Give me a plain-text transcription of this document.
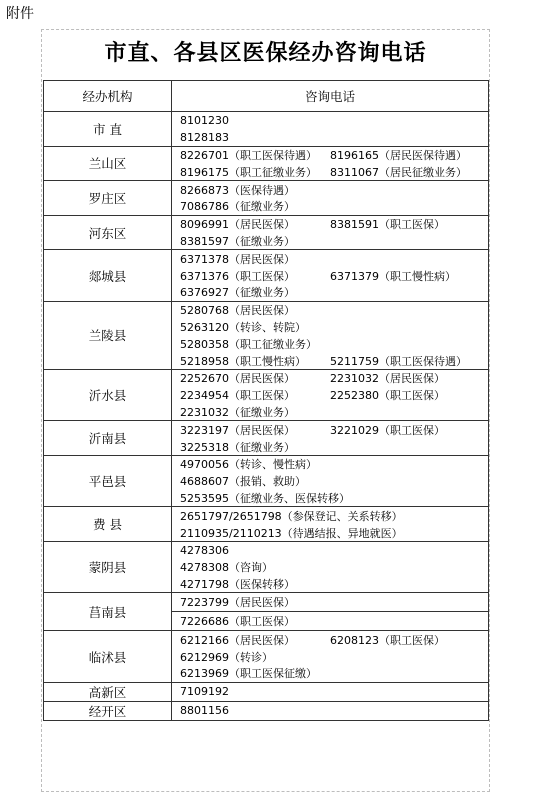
附件
市直、各县区医保经办咨询电话
经办机构	咨询电话
市 直	8101230
8128183

兰山区	8226701（职工医保待遇） 8196165（居民医保待遇）
8196175（职工征缴业务） 8311067（居民征缴业务）

罗庄区	8266873（医保待遇）
7086786（征缴业务）

河东区	8096991（居民医保） 8381591（职工医保）
8381597（征缴业务）

郯城县	6371378（居民医保）
6371376（职工医保） 6371379（职工慢性病）
6376927（征缴业务）

兰陵县	5280768（居民医保）
5263120（转诊、转院）
5280358（职工征缴业务）
5218958（职工慢性病） 5211759（职工医保待遇）

沂水县	2252670（居民医保） 2231032（居民医保）
2234954（职工医保） 2252380（职工医保）
2231032（征缴业务）

沂南县	3223197（居民医保） 3221029（职工医保）
3225318（征缴业务）

平邑县	4970056（转诊、慢性病）
4688607（报销、救助）
5253595（征缴业务、医保转移）

费 县	2651797/2651798（参保登记、关系转移）
2110935/2110213（待遇结报、异地就医）

蒙阴县	4278306
4278308（咨询）
4271798（医保转移）

莒南县	7223799（居民医保）

	7226686（职工医保）

临沭县	6212166（居民医保） 6208123（职工医保）
6212969（转诊）
6213969（职工医保征缴）

高新区	7109192

经开区	8801156
